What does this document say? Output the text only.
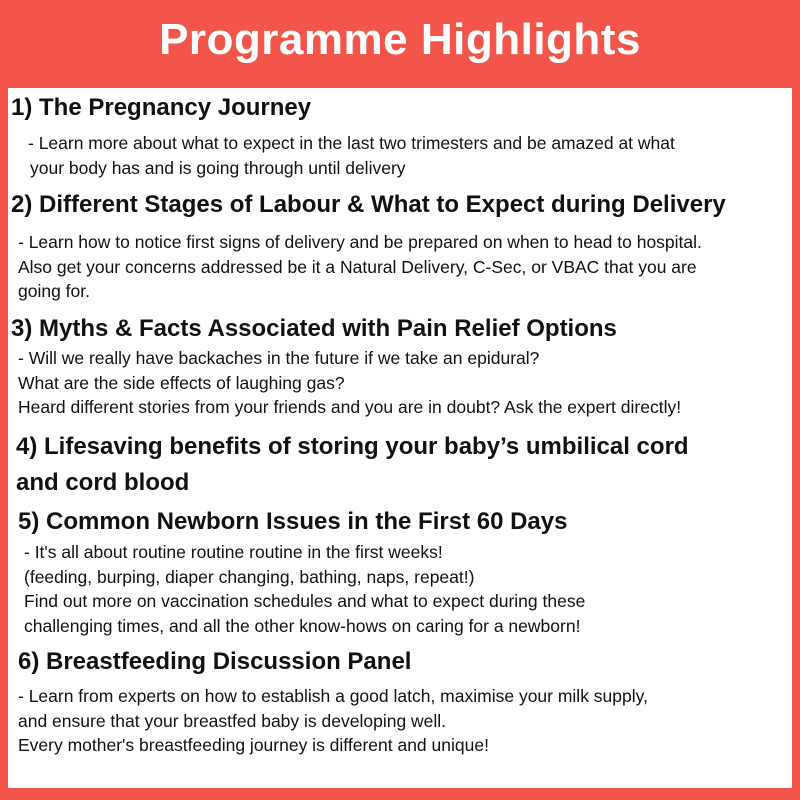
Programme Highlights
1) The Pregnancy Journey
- Learn more about what to expect in the last two trimesters and be amazed at what
your body has and is going through until delivery
2) Different Stages of Labour & What to Expect during Delivery
- Learn how to notice first signs of delivery and be prepared on when to head to hospital.
Also get your concerns addressed be it a Natural Delivery, C-Sec, or VBAC that you are
going for.
3) Myths & Facts Associated with Pain Relief Options
- Will we really have backaches in the future if we take an epidural?
What are the side effects of laughing gas?
Heard different stories from your friends and you are in doubt? Ask the expert directly!
4) Lifesaving benefits of storing your baby’s umbilical cord
and cord blood
5) Common Newborn Issues in the First 60 Days
- It's all about routine routine routine in the first weeks!
(feeding, burping, diaper changing, bathing, naps, repeat!)
Find out more on vaccination schedules and what to expect during these
challenging times, and all the other know-hows on caring for a newborn!
6) Breastfeeding Discussion Panel
- Learn from experts on how to establish a good latch, maximise your milk supply,
and ensure that your breastfed baby is developing well.
Every mother's breastfeeding journey is different and unique!
